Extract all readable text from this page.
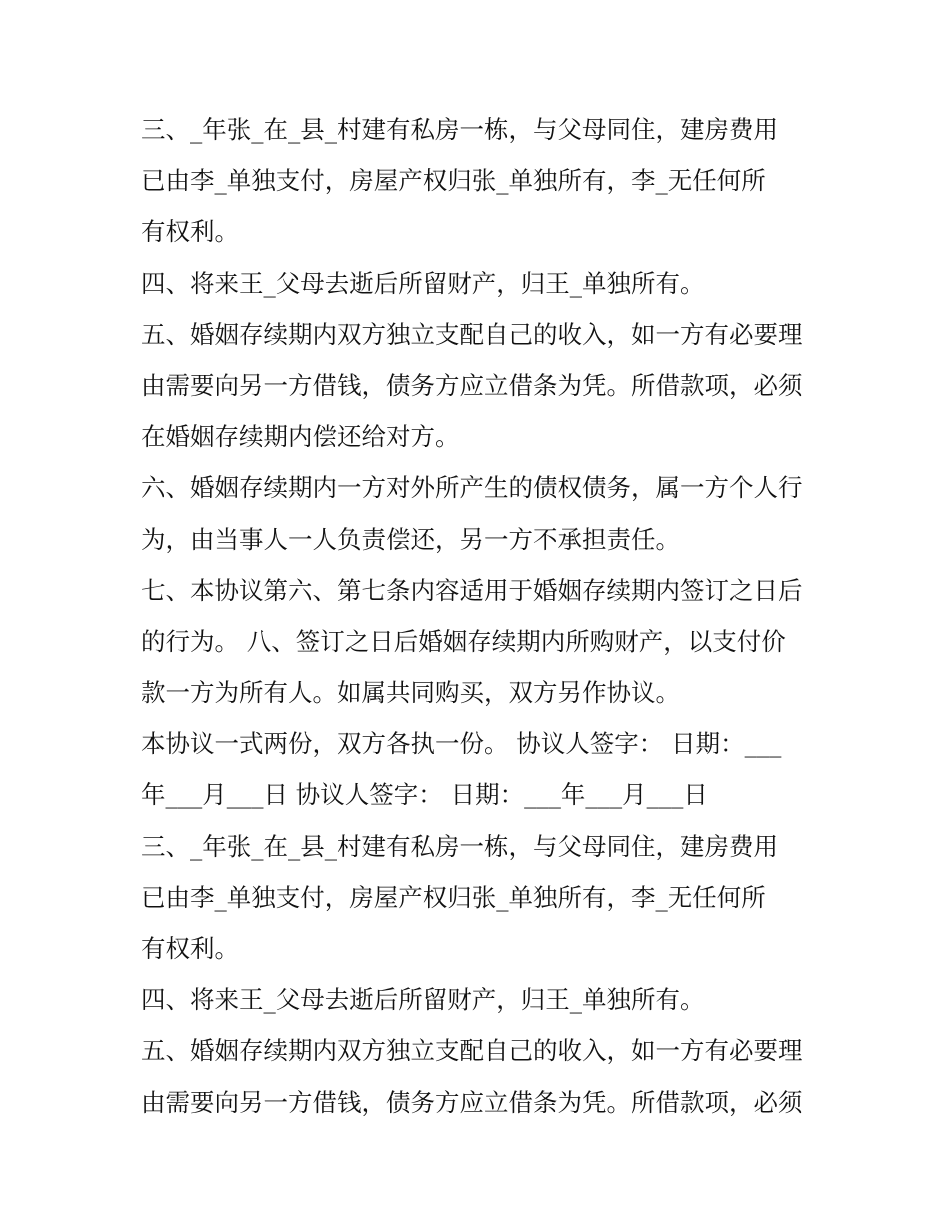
三、_年张_在_县_村建有私房一栋，与父母同住，建房费用
已由李_单独支付，房屋产权归张_单独所有，李_无任何所
有权利。
四、将来王_父母去逝后所留财产，归王_单独所有。
五、婚姻存续期内双方独立支配自己的收入，如一方有必要理
由需要向另一方借钱，债务方应立借条为凭。所借款项，必须
在婚姻存续期内偿还给对方。
六、婚姻存续期内一方对外所产生的债权债务，属一方个人行
为，由当事人一人负责偿还，另一方不承担责任。
七、本协议第六、第七条内容适用于婚姻存续期内签订之日后
的行为。 八、签订之日后婚姻存续期内所购财产，以支付价
款一方为所有人。如属共同购买，双方另作协议。
本协议一式两份，双方各执一份。 协议人签字： 日期：___
年___月___日 协议人签字： 日期：___年___月___日
三、_年张_在_县_村建有私房一栋，与父母同住，建房费用
已由李_单独支付，房屋产权归张_单独所有，李_无任何所
有权利。
四、将来王_父母去逝后所留财产，归王_单独所有。
五、婚姻存续期内双方独立支配自己的收入，如一方有必要理
由需要向另一方借钱，债务方应立借条为凭。所借款项，必须
